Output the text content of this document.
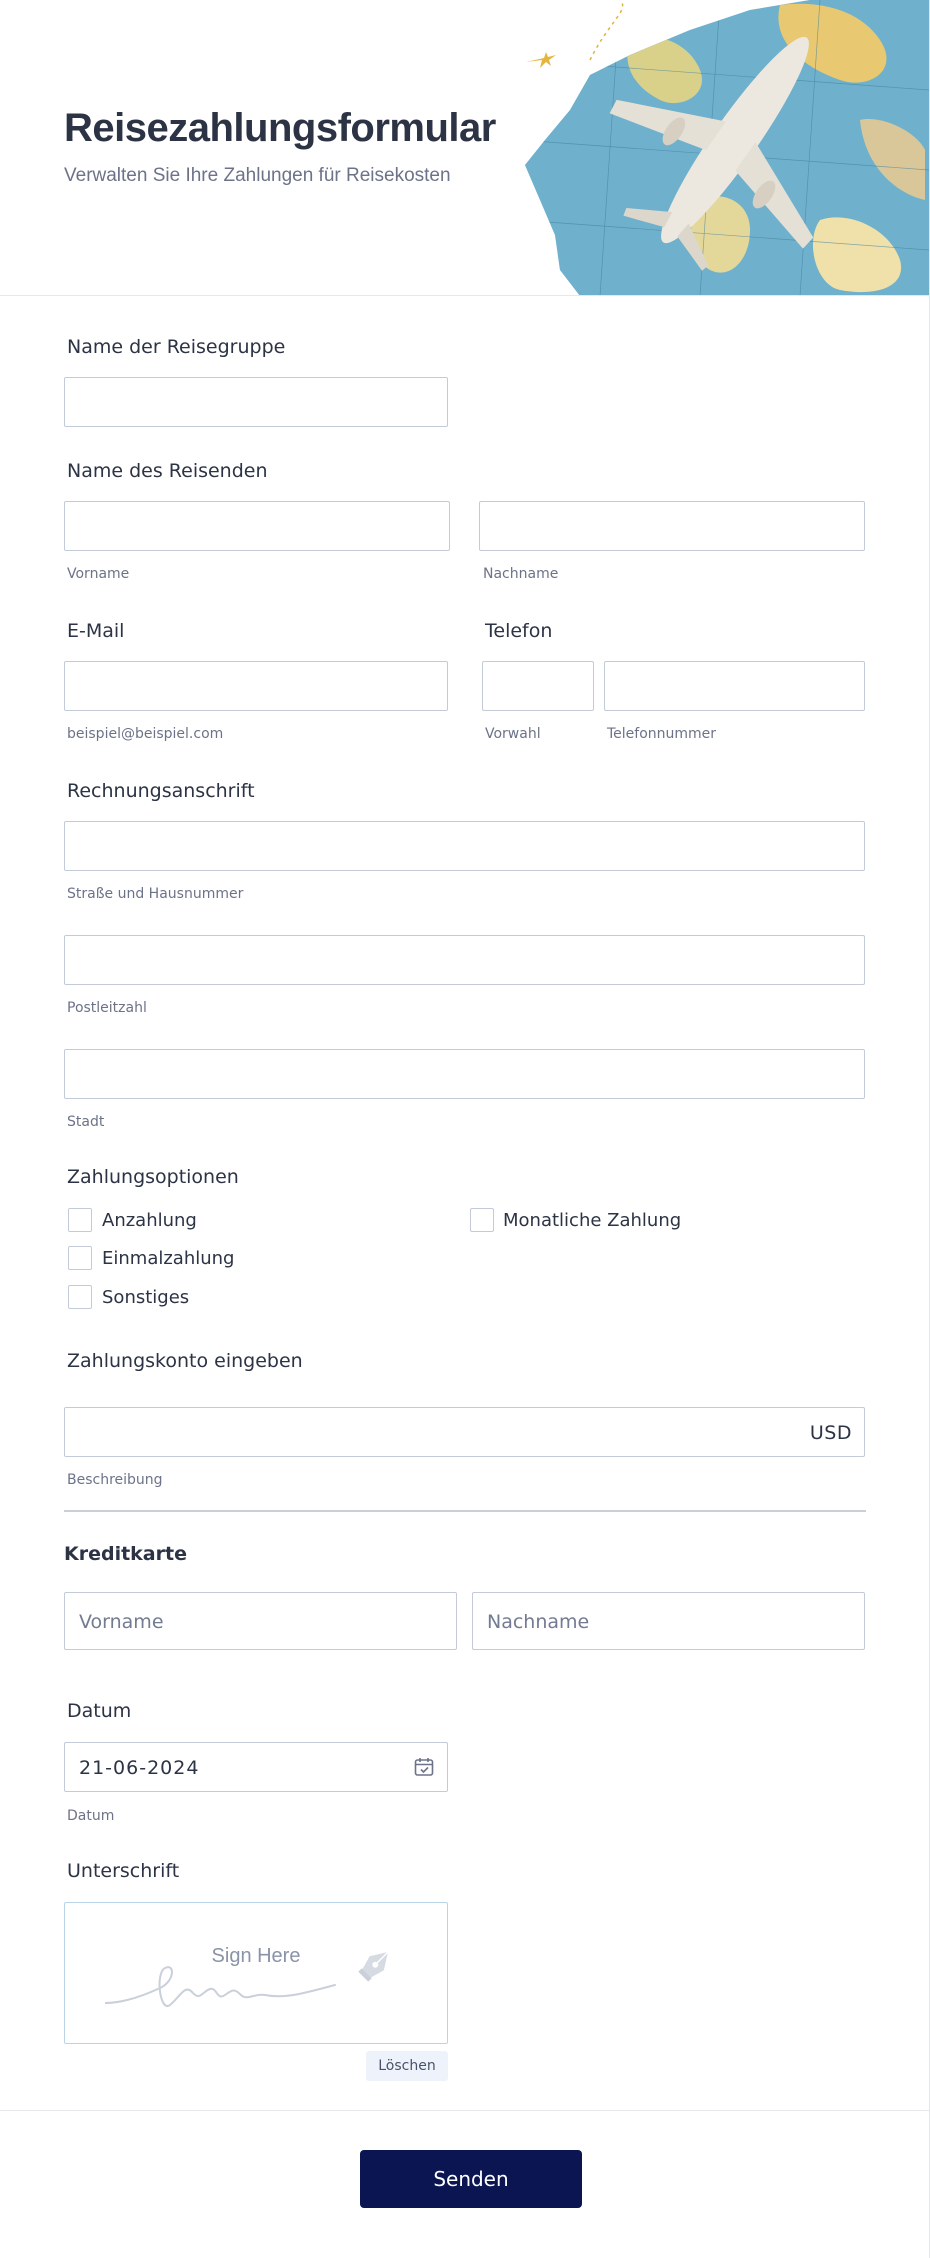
Reisezahlungsformular
Verwalten Sie Ihre Zahlungen für Reisekosten
Name der Reisegruppe
Name des Reisenden
Vorname	Nachname
E-Mail	Telefon
beispiel@beispiel.com	Vorwahl	Telefonnummer
Rechnungsanschrift
Straße und Hausnummer
Postleitzahl
Stadt
Zahlungsoptionen
Anzahlung	Monatliche Zahlung
Einmalzahlung
Sonstiges
Zahlungskonto eingeben
USD
Beschreibung
Kreditkarte
Vorname	Nachname
Datum
21-06-2024
Datum
Unterschrift
Sign Here
Löschen
Senden
